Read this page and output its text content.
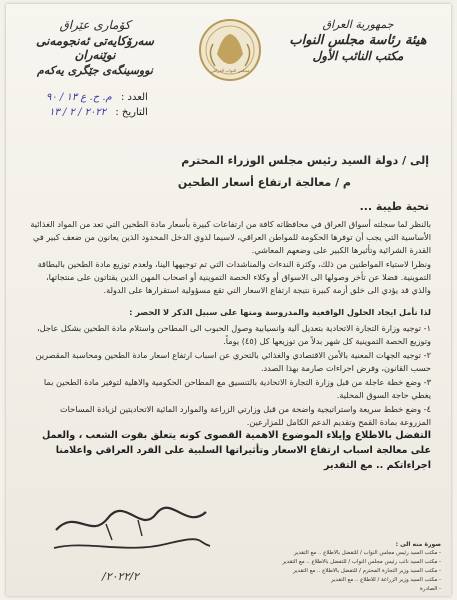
جمهورية العراق
هيئة رئاسة مجلس النواب
مكتب النائب الأول
مجلس النواب العراقي
كۆماری عێراق
سەرۆکایەتی ئەنجومەنی نوێنەران
نووسینگەی جێگری یەکەم
العدد : م. ح. ع ۱۳ / ۹٠
التاريخ : ۲٠۲۲ / ۲ / ۱۳
إلى / دولة السيد رئيس مجلس الوزراء المحترم
م / معالجة ارتفاع أسعار الطحين
تحية طيبة ...
بالنظر لما سجلته أسواق العراق في محافظاته كافة من ارتفاعات كبيرة بأسعار مادة الطحين التي تعد من المواد الغذائية الأساسية التي يجب أن توفرها الحكومة للمواطن العراقي، لاسيما لذوي الدخل المحدود الذين يعانون من ضعف كبير في القدرة الشرائية وتأثيرها الكبير على وضعهم المعاشي.
ونظرا لاستياء المواطنين من ذلك، وكثرة الندءات والمناشدات التي تم توجيهها الينا، ولعدم توزيع مادة الطحين بالبطاقة التموينية. فضلا عن تأخر وصولها الى الاسواق أو وكلاء الحصة التموينية أو اصحاب المهن الذين يقتاتون على منتجاتها، والذي قد يؤدي الى خلق أزمة كبيرة نتيجة ارتفاع الاسعار التي تقع مسؤولية استقرارها على الدولة.
لذا نأمل ايجاد الحلول الواقعية والمدروسة ومنها على سبيل الذكر لا الحصر :
١- توجيه وزارة التجارة الاتحادية بتعديل آلية وانسيابية وصول الحبوب الى المطاحن واستلام مادة الطحين بشكل عاجل، وتوزيع الحصة التموينية كل شهر بدلاً من توزيعها كل (٤٥) يوماً.
٢- توجيه الجهات المعنية بالأمن الاقتصادي والغذائي بالتحري عن اسباب ارتفاع اسعار مادة الطحين ومحاسبة المقصرين حسب القانون، وفرض اجراءات صارمة بهذا الصدد.
٣- وضع خطة عاجلة من قبل وزارة التجارة الاتحادية بالتنسيق مع المطاحن الحكومية والاهلية لتوفير مادة الطحين بما يغطي حاجة السوق المحلية.
٤- وضع خطط سريعة واستراتيجية واضحة من قبل وزارتي الزراعة والموارد المائية الاتحاديتين لزيادة المساحات المزروعة بمادة القمح وتقديم الدعم الكامل للمزارعين.
التفضل بالاطلاع وإيلاء الموضوع الاهمية القصوى كونه يتعلق بقوت الشعب ، والعمل على معالجة اسباب ارتفاع الاسعار وتأثيراتها السلبية على الفرد العراقي واعلامنا اجراءاتكم .. مع التقدير
٢٠٢٢/٢/
صورة منه الى :
- مكتب السيد رئيس مجلس النواب / للتفضل بالاطلاع .. مع التقدير
- مكتب السيد نائب رئيس مجلس النواب / للتفضل بالاطلاع .. مع التقدير
- مكتب السيد وزير التجارة المحترم / للتفضل بالاطلاع .. مع التقدير
- مكتب السيد وزير الزراعة / للاطلاع .. مع التقدير
- الصادرة
